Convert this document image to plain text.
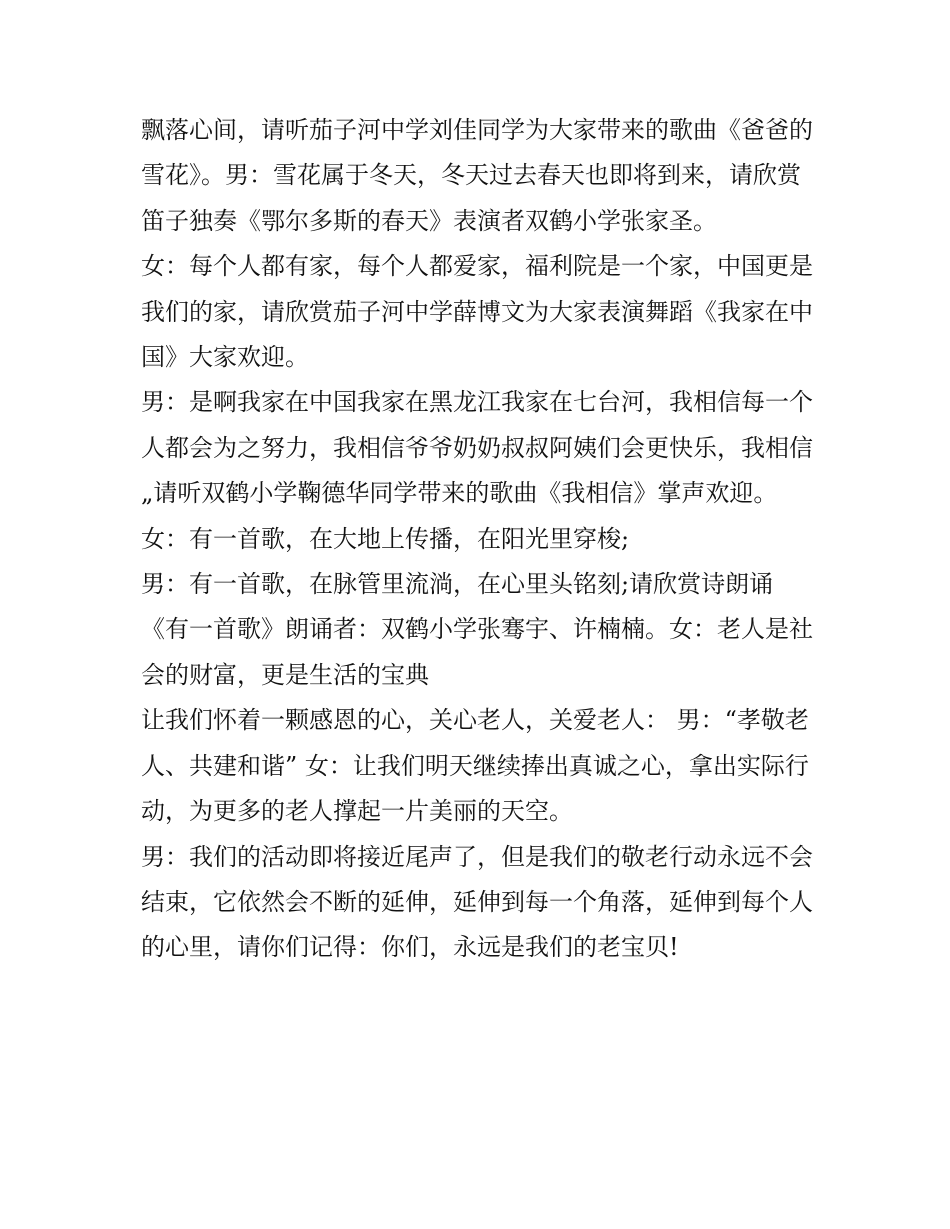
飘落心间，请听茄子河中学刘佳同学为大家带来的歌曲《爸爸的雪花》。男：雪花属于冬天，冬天过去春天也即将到来，请欣赏笛子独奏《鄂尔多斯的春天》表演者双鹤小学张家圣。

女：每个人都有家，每个人都爱家，福利院是一个家，中国更是我们的家，请欣赏茄子河中学薛博文为大家表演舞蹈《我家在中国》大家欢迎。

男：是啊我家在中国我家在黑龙江我家在七台河，我相信每一个人都会为之努力，我相信爷爷奶奶叔叔阿姨们会更快乐，我相信„请听双鹤小学鞠德华同学带来的歌曲《我相信》掌声欢迎。

女：有一首歌，在大地上传播，在阳光里穿梭;

男：有一首歌，在脉管里流淌，在心里头铭刻;请欣赏诗朗诵《有一首歌》朗诵者：双鹤小学张骞宇、许楠楠。女：老人是社会的财富，更是生活的宝典

让我们怀着一颗感恩的心，关心老人，关爱老人： 男：“孝敬老人、共建和谐” 女：让我们明天继续捧出真诚之心，拿出实际行动，为更多的老人撑起一片美丽的天空。

男：我们的活动即将接近尾声了，但是我们的敬老行动永远不会结束，它依然会不断的延伸，延伸到每一个角落，延伸到每个人的心里，请你们记得：你们，永远是我们的老宝贝!
